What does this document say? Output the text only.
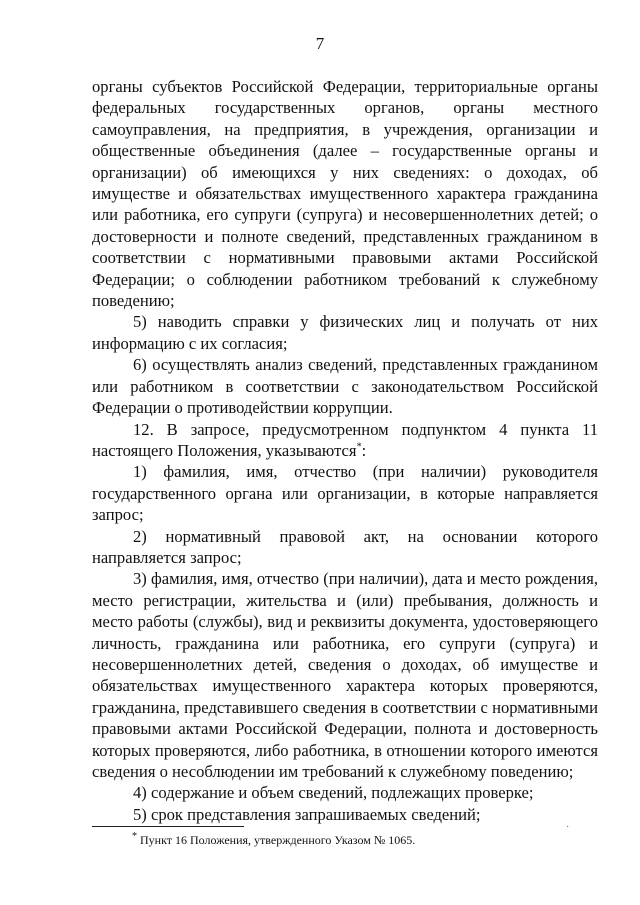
7

органы субъектов Российской Федерации, территориальные органы федеральных государственных органов, органы местного самоуправления, на предприятия, в учреждения, организации и общественные объединения (далее – государственные органы и организации) об имеющихся у них сведениях: о доходах, об имуществе и обязательствах имущественного характера гражданина или работника, его супруги (супруга) и несовершеннолетних детей; о достоверности и полноте сведений, представленных гражданином в соответствии с нормативными правовыми актами Российской Федерации; о соблюдении работником требований к служебному поведению;

5) наводить справки у физических лиц и получать от них информацию с их согласия;

6) осуществлять анализ сведений, представленных гражданином или работником в соответствии с законодательством Российской Федерации о противодействии коррупции.

12. В запросе, предусмотренном подпунктом 4 пункта 11 настоящего Положения, указываются*:

1) фамилия, имя, отчество (при наличии) руководителя государственного органа или организации, в которые направляется запрос;

2) нормативный правовой акт, на основании которого направляется запрос;

3) фамилия, имя, отчество (при наличии), дата и место рождения, место регистрации, жительства и (или) пребывания, должность и место работы (службы), вид и реквизиты документа, удостоверяющего личность, гражданина или работника, его супруги (супруга) и несовершеннолетних детей, сведения о доходах, об имуществе и обязательствах имущественного характера которых проверяются, гражданина, представившего сведения в соответствии с нормативными правовыми актами Российской Федерации, полнота и достоверность которых проверяются, либо работника, в отношении которого имеются сведения о несоблюдении им требований к служебному поведению;

4) содержание и объем сведений, подлежащих проверке;

5) срок представления запрашиваемых сведений;

* Пункт 16 Положения, утвержденного Указом № 1065.
·
